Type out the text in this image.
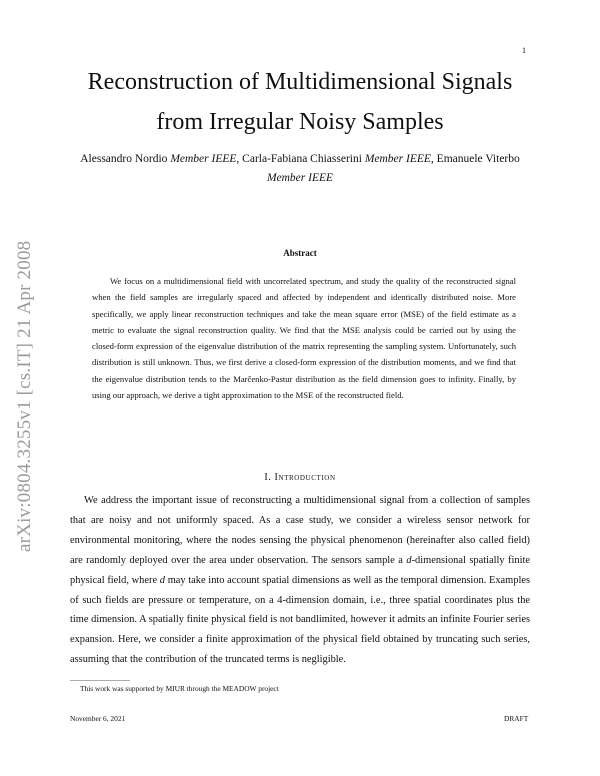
1
arXiv:0804.3255v1 [cs.IT] 21 Apr 2008
Reconstruction of Multidimensional Signals
from Irregular Noisy Samples
Alessandro Nordio Member IEEE, Carla-Fabiana Chiasserini Member IEEE, Emanuele Viterbo
Member IEEE
Abstract
We focus on a multidimensional field with uncorrelated spectrum, and study the quality of the reconstructed signal when the field samples are irregularly spaced and affected by independent and identically distributed noise. More specifically, we apply linear reconstruction techniques and take the mean square error (MSE) of the field estimate as a metric to evaluate the signal reconstruction quality. We find that the MSE analysis could be carried out by using the closed-form expression of the eigenvalue distribution of the matrix representing the sampling system. Unfortunately, such distribution is still unknown. Thus, we first derive a closed-form expression of the distribution moments, and we find that the eigenvalue distribution tends to the Marčenko-Pastur distribution as the field dimension goes to infinity. Finally, by using our approach, we derive a tight approximation to the MSE of the reconstructed field.
I. Introduction
We address the important issue of reconstructing a multidimensional signal from a collection of samples that are noisy and not uniformly spaced. As a case study, we consider a wireless sensor network for environmental monitoring, where the nodes sensing the physical phenomenon (hereinafter also called field) are randomly deployed over the area under observation. The sensors sample a d-dimensional spatially finite physical field, where d may take into account spatial dimensions as well as the temporal dimension. Examples of such fields are pressure or temperature, on a 4-dimension domain, i.e., three spatial coordinates plus the time dimension. A spatially finite physical field is not bandlimited, however it admits an infinite Fourier series expansion. Here, we consider a finite approximation of the physical field obtained by truncating such series, assuming that the contribution of the truncated terms is negligible.
This work was supported by MIUR through the MEADOW project
November 6, 2021	DRAFT
